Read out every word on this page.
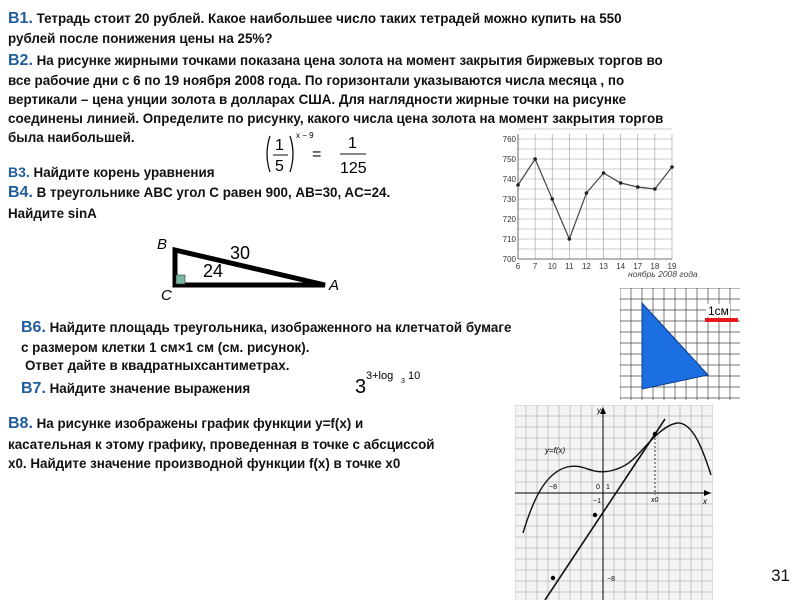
В1. Тетрадь стоит 20 рублей. Какое наибольшее число таких тетрадей можно купить на 550

рублей после понижения цены на 25%?

В2. На рисунке жирными точками показана цена золота на момент закрытия биржевых торгов во

все рабочие дни с 6 по 19 ноября 2008 года. По горизонтали указываются числа месяца , по

вертикали – цена унции золота в долларах США. Для наглядности жирные точки на рисунке

соединены линией. Определите по рисунку, какого числа цена золота на момент закрытия торгов

была наибольшей.

В3. Найдите корень уравнения

1
5
x − 9
=
1
125

В4. В треугольнике ABC угол C равен 900, AB=30, AC=24.

Найдите sinA

B
C
A
30
24

В6. Найдите площадь треугольника, изображенного на клетчатой бумаге

с размером клетки 1 см×1 см (см. рисунок).

Ответ дайте в квадратныхсантиметрах.

1см

В7. Найдите значение выражения	3 3+log 3 10

В8. На рисунке изображены график функции y=f(x) и

касательная к этому графику, проведенная в точке с абсциссой

x0. Найдите значение производной функции f(x) в точке x0

y
x
y=f(x)
−8	0 1
−1	x0
−8
700
710
720
730
740
750
760
6 7 10 11 12 13 14 17 18 19
ноябрь 2008 года
31
